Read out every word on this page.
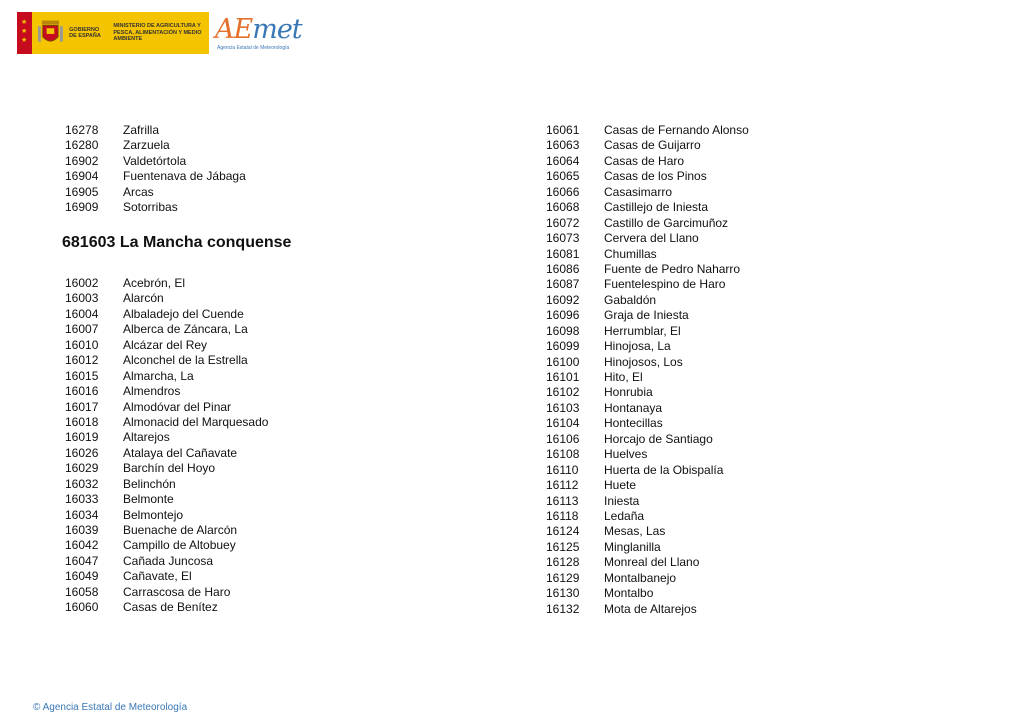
★
★
★
GOBIERNO DE ESPAÑA
MINISTERIO DE AGRICULTURA Y PESCA, ALIMENTACIÓN Y MEDIO AMBIENTE	AEmet
Agencia Estatal de Meteorología
16278	Zafrilla
16280	Zarzuela
16902	Valdetórtola
16904	Fuentenava de Jábaga
16905	Arcas
16909	Sotorribas
681603 La Mancha conquense
16002	Acebrón, El
16003	Alarcón
16004	Albaladejo del Cuende
16007	Alberca de Záncara, La
16010	Alcázar del Rey
16012	Alconchel de la Estrella
16015	Almarcha, La
16016	Almendros
16017	Almodóvar del Pinar
16018	Almonacid del Marquesado
16019	Altarejos
16026	Atalaya del Cañavate
16029	Barchín del Hoyo
16032	Belinchón
16033	Belmonte
16034	Belmontejo
16039	Buenache de Alarcón
16042	Campillo de Altobuey
16047	Cañada Juncosa
16049	Cañavate, El
16058	Carrascosa de Haro
16060	Casas de Benítez
16061	Casas de Fernando Alonso
16063	Casas de Guijarro
16064	Casas de Haro
16065	Casas de los Pinos
16066	Casasimarro
16068	Castillejo de Iniesta
16072	Castillo de Garcimuñoz
16073	Cervera del Llano
16081	Chumillas
16086	Fuente de Pedro Naharro
16087	Fuentelespino de Haro
16092	Gabaldón
16096	Graja de Iniesta
16098	Herrumblar, El
16099	Hinojosa, La
16100	Hinojosos, Los
16101	Hito, El
16102	Honrubia
16103	Hontanaya
16104	Hontecillas
16106	Horcajo de Santiago
16108	Huelves
16110	Huerta de la Obispalía
16112	Huete
16113	Iniesta
16118	Ledaña
16124	Mesas, Las
16125	Minglanilla
16128	Monreal del Llano
16129	Montalbanejo
16130	Montalbo
16132	Mota de Altarejos
© Agencia Estatal de Meteorología
